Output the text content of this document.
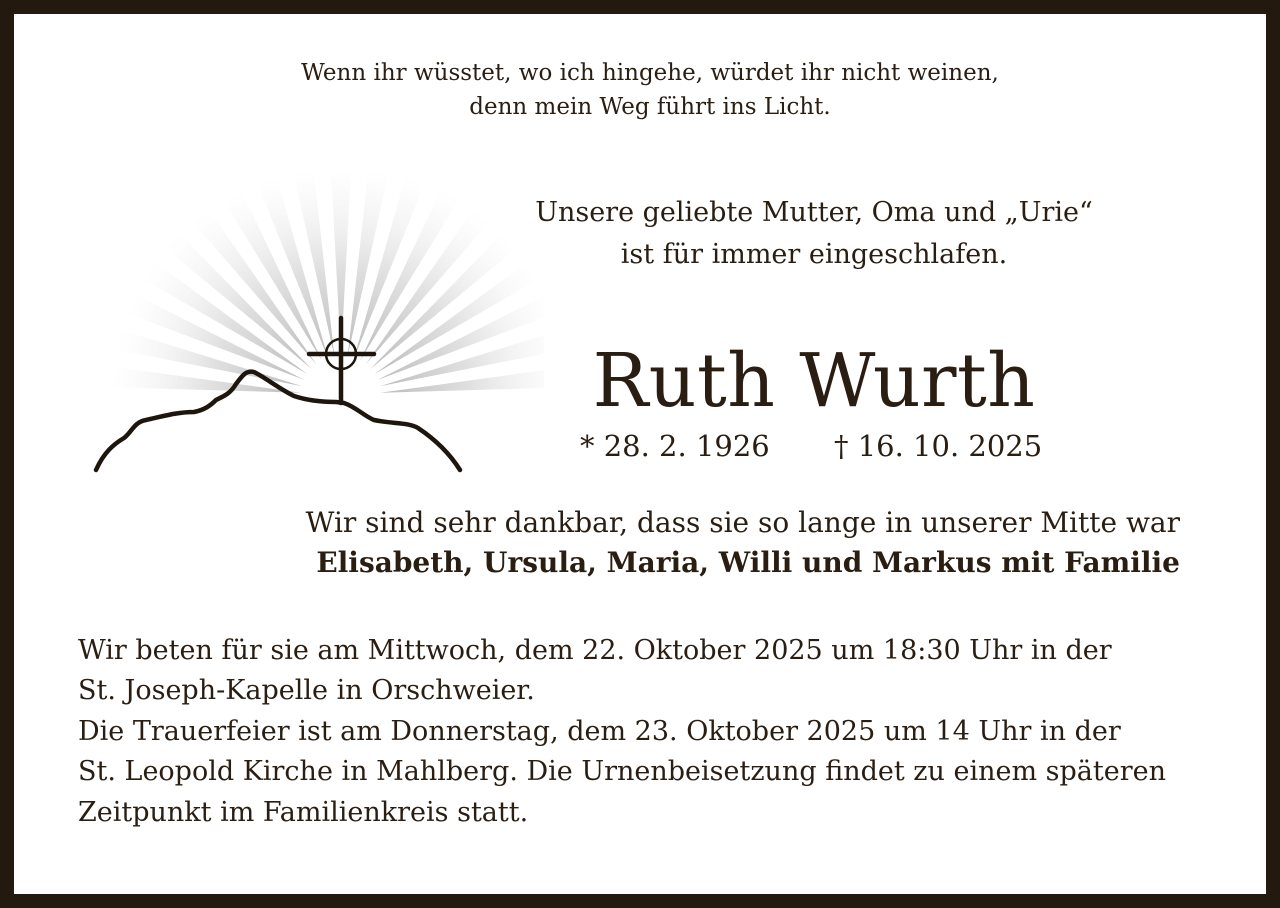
Wenn ihr wüsstet, wo ich hingehe, würdet ihr nicht weinen,
denn mein Weg führt ins Licht.
Unsere geliebte Mutter, Oma und „Urie“
ist für immer eingeschlafen.
Ruth Wurth
* 28. 2. 1926 † 16. 10. 2025
Wir sind sehr dankbar, dass sie so lange in unserer Mitte war
Elisabeth, Ursula, Maria, Willi und Markus mit Familie
Wir beten für sie am Mittwoch, dem 22. Oktober 2025 um 18:30 Uhr in der
St. Joseph-Kapelle in Orschweier.
Die Trauerfeier ist am Donnerstag, dem 23. Oktober 2025 um 14 Uhr in der
St. Leopold Kirche in Mahlberg. Die Urnenbeisetzung findet zu einem späteren
Zeitpunkt im Familienkreis statt.
